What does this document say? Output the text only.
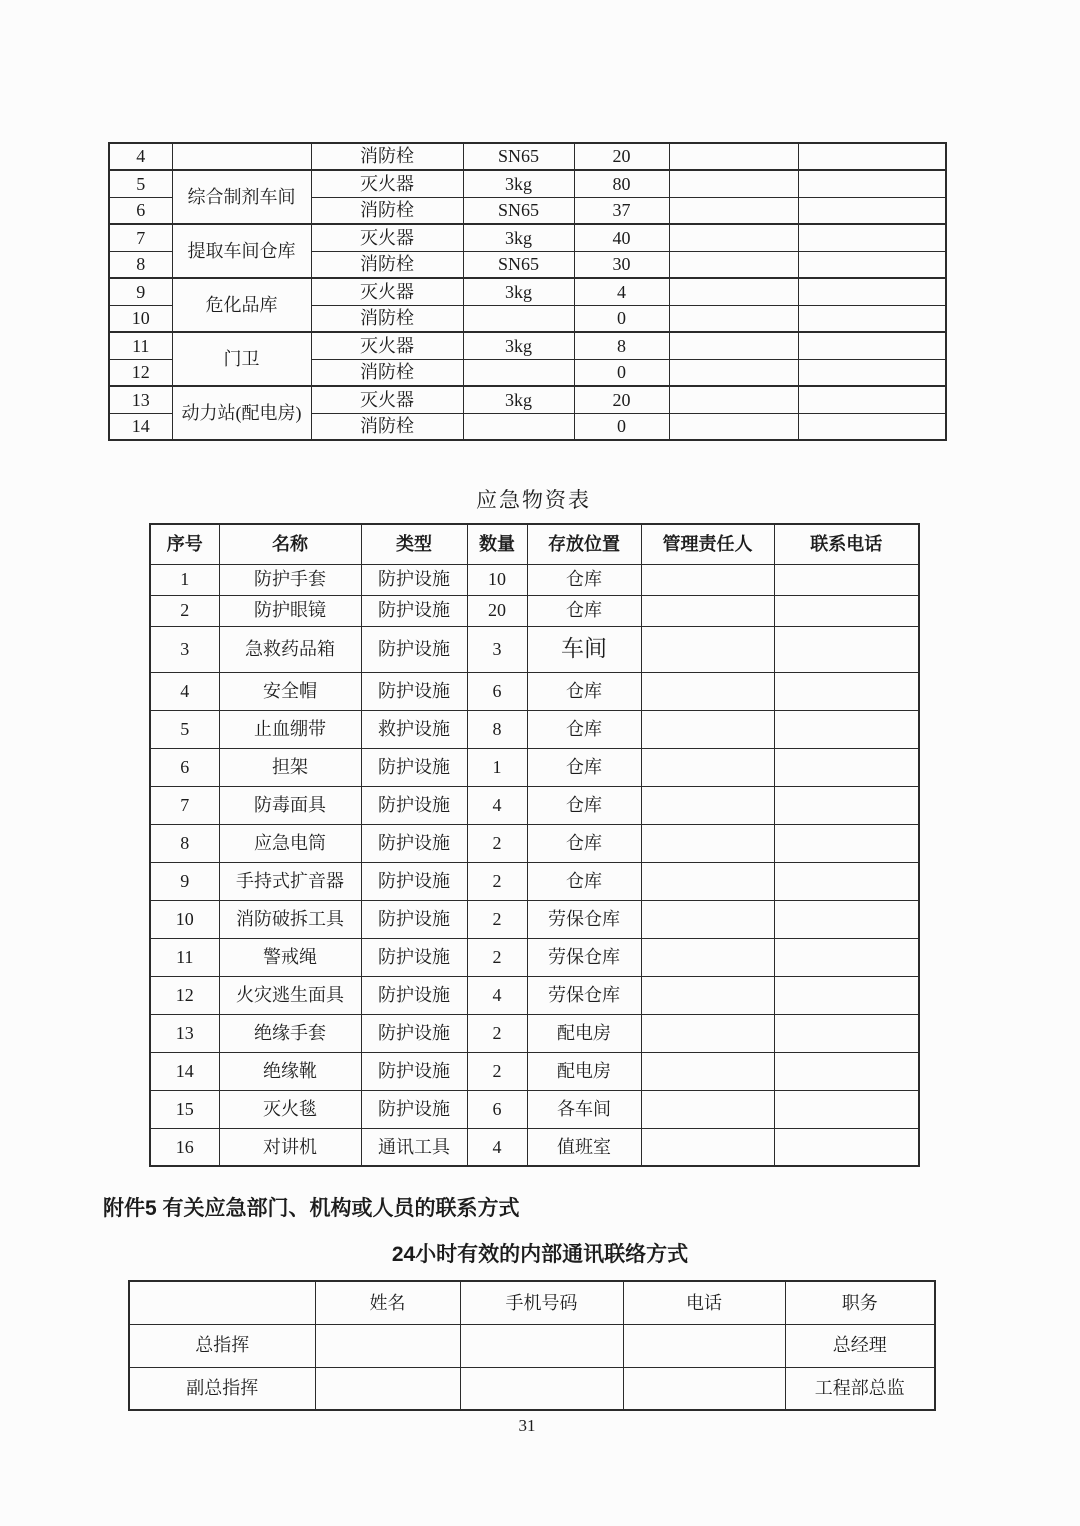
4		消防栓	SN65	20		
5	综合制剂车间	灭火器	3kg	80		
6		消防栓	SN65	37		
7	提取车间仓库	灭火器	3kg	40		
8		消防栓	SN65	30		
9	危化品库	灭火器	3kg	4		
10		消防栓		0		
11	门卫	灭火器	3kg	8		
12		消防栓		0		
13	动力站(配电房)	灭火器	3kg	20		
14		消防栓		0		
应急物资表
序号	名称	类型	数量	存放位置	管理责任人	联系电话
1	防护手套	防护设施	10	仓库		
2	防护眼镜	防护设施	20	仓库		
3	急救药品箱	防护设施	3	车间		
4	安全帽	防护设施	6	仓库		
5	止血绷带	救护设施	8	仓库		
6	担架	防护设施	1	仓库		
7	防毒面具	防护设施	4	仓库		
8	应急电筒	防护设施	2	仓库		
9	手持式扩音器	防护设施	2	仓库		
10	消防破拆工具	防护设施	2	劳保仓库		
11	警戒绳	防护设施	2	劳保仓库		
12	火灾逃生面具	防护设施	4	劳保仓库		
13	绝缘手套	防护设施	2	配电房		
14	绝缘靴	防护设施	2	配电房		
15	灭火毯	防护设施	6	各车间		
16	对讲机	通讯工具	4	值班室		
附件5 有关应急部门、机构或人员的联系方式
24小时有效的内部通讯联络方式
	姓名	手机号码	电话	职务
总指挥				总经理
副总指挥				工程部总监
31
